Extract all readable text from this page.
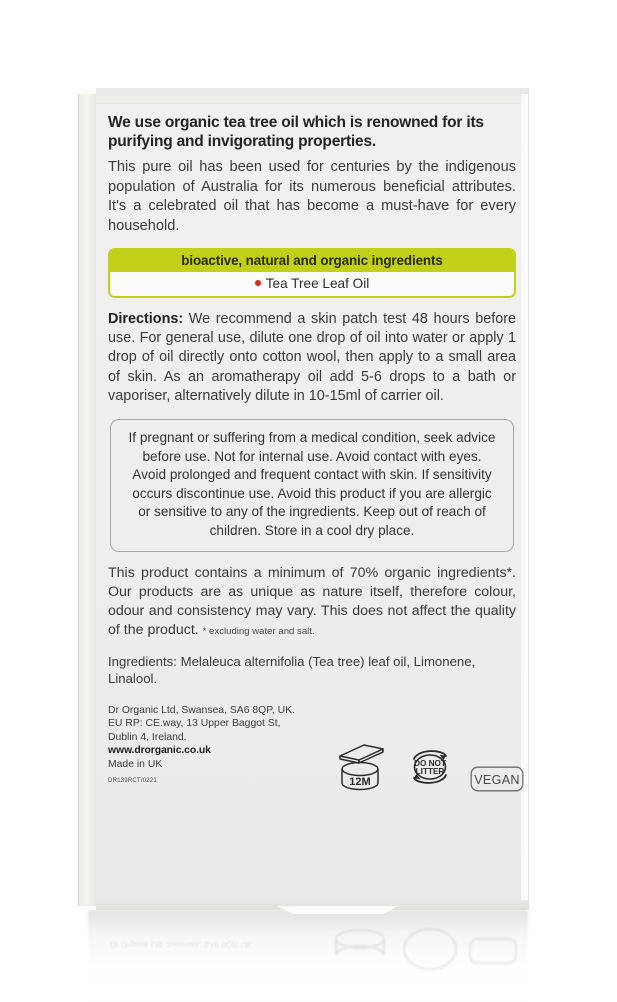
Dr Organic Ltd, Swansea, SA6 8QP, UK.

We use organic tea tree oil which is renowned for its purifying and invigorating properties.

This pure oil has been used for centuries by the indigenous population of Australia for its numerous beneficial attributes. It's a celebrated oil that has become a must-have for every household.

bioactive, natural and organic ingredients
Tea Tree Leaf Oil

Directions: We recommend a skin patch test 48 hours before use. For general use, dilute one drop of oil into water or apply 1 drop of oil directly onto cotton wool, then apply to a small area of skin. As an aromatherapy oil add 5-6 drops to a bath or vaporiser, alternatively dilute in 10-15ml of carrier oil.

If pregnant or suffering from a medical condition, seek advice before use. Not for internal use. Avoid contact with eyes. Avoid prolonged and frequent contact with skin. If sensitivity occurs discontinue use. Avoid this product if you are allergic or sensitive to any of the ingredients. Keep out of reach of children. Store in a cool dry place.

This product contains a minimum of 70% organic ingredients*. Our products are as unique as nature itself, therefore colour, odour and consistency may vary. This does not affect the quality of the product. * excluding water and salt.

Ingredients: Melaleuca alternifolia (Tea tree) leaf oil, Limonene, Linalool.

Dr Organic Ltd, Swansea, SA6 8QP, UK.

EU RP: CE.way, 13 Upper Baggot St,

Dublin 4, Ireland.

www.drorganic.co.uk

Made in UK

DR139RCT/0221	12M
DO NOT
LITTER
VEGAN
